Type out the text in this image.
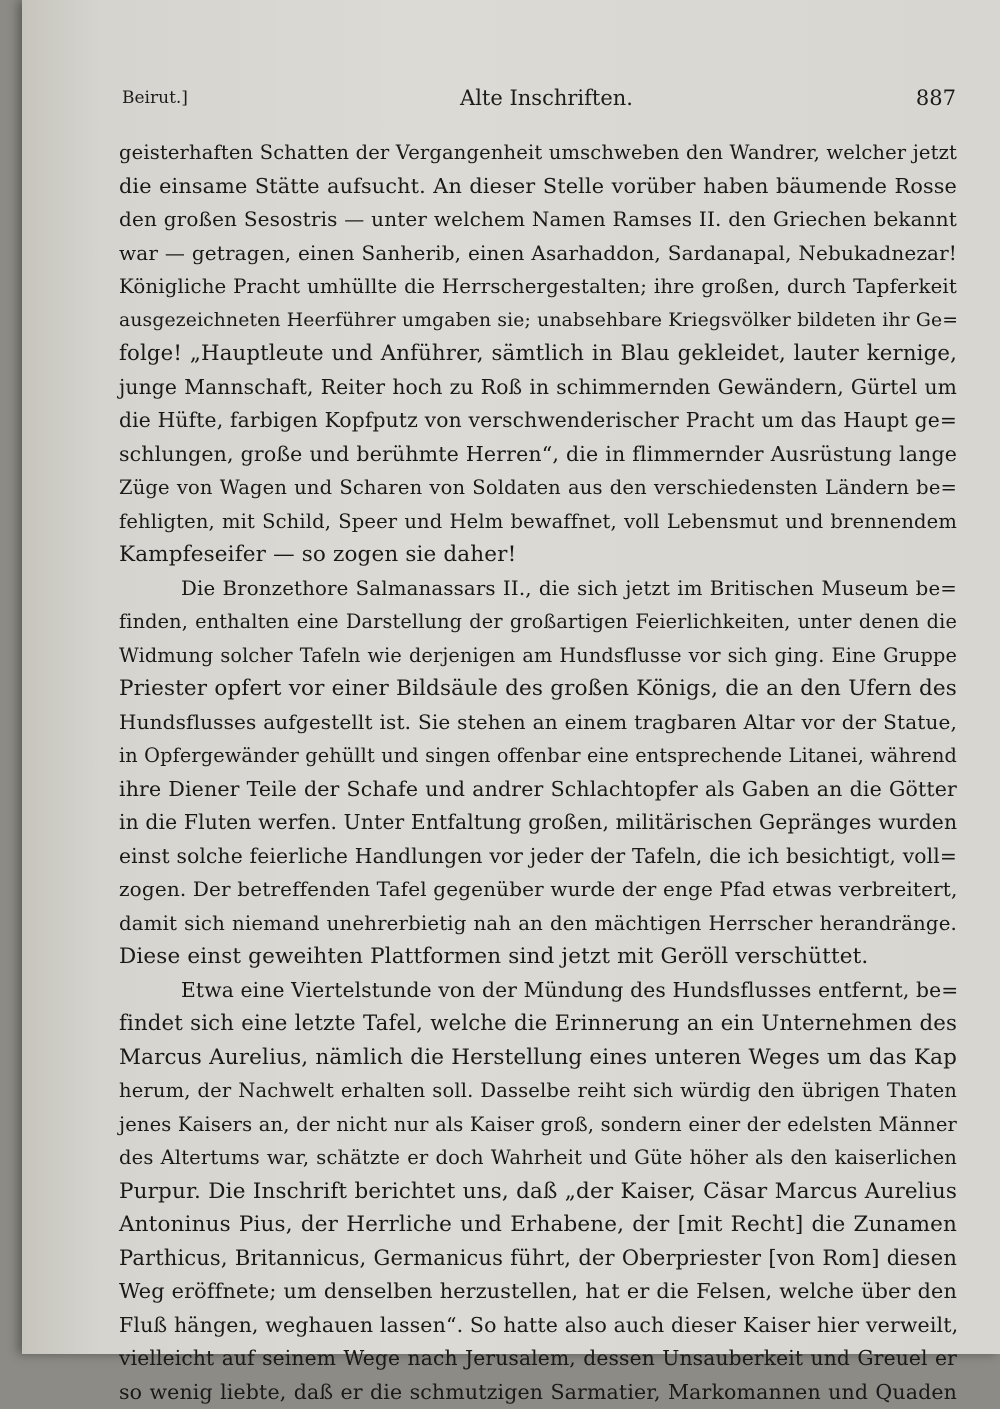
Beirut.]	Alte Inschriften.	887
geisterhaften Schatten der Vergangenheit umschweben den Wandrer, welcher jetzt
die einsame Stätte aufsucht. An dieser Stelle vorüber haben bäumende Rosse
den großen Sesostris — unter welchem Namen Ramses II. den Griechen bekannt
war — getragen, einen Sanherib, einen Asarhaddon, Sardanapal, Nebukadnezar!
Königliche Pracht umhüllte die Herrschergestalten; ihre großen, durch Tapferkeit
ausgezeichneten Heerführer umgaben sie; unabsehbare Kriegsvölker bildeten ihr Ge=
folge! „Hauptleute und Anführer, sämtlich in Blau gekleidet, lauter kernige,
junge Mannschaft, Reiter hoch zu Roß in schimmernden Gewändern, Gürtel um
die Hüfte, farbigen Kopfputz von verschwenderischer Pracht um das Haupt ge=
schlungen, große und berühmte Herren“, die in flimmernder Ausrüstung lange
Züge von Wagen und Scharen von Soldaten aus den verschiedensten Ländern be=
fehligten, mit Schild, Speer und Helm bewaffnet, voll Lebensmut und brennendem
Kampfeseifer — so zogen sie daher!
Die Bronzethore Salmanassars II., die sich jetzt im Britischen Museum be=
finden, enthalten eine Darstellung der großartigen Feierlichkeiten, unter denen die
Widmung solcher Tafeln wie derjenigen am Hundsflusse vor sich ging. Eine Gruppe
Priester opfert vor einer Bildsäule des großen Königs, die an den Ufern des
Hundsflusses aufgestellt ist. Sie stehen an einem tragbaren Altar vor der Statue,
in Opfergewänder gehüllt und singen offenbar eine entsprechende Litanei, während
ihre Diener Teile der Schafe und andrer Schlachtopfer als Gaben an die Götter
in die Fluten werfen. Unter Entfaltung großen, militärischen Gepränges wurden
einst solche feierliche Handlungen vor jeder der Tafeln, die ich besichtigt, voll=
zogen. Der betreffenden Tafel gegenüber wurde der enge Pfad etwas verbreitert,
damit sich niemand unehrerbietig nah an den mächtigen Herrscher herandränge.
Diese einst geweihten Plattformen sind jetzt mit Geröll verschüttet.
Etwa eine Viertelstunde von der Mündung des Hundsflusses entfernt, be=
findet sich eine letzte Tafel, welche die Erinnerung an ein Unternehmen des
Marcus Aurelius, nämlich die Herstellung eines unteren Weges um das Kap
herum, der Nachwelt erhalten soll. Dasselbe reiht sich würdig den übrigen Thaten
jenes Kaisers an, der nicht nur als Kaiser groß, sondern einer der edelsten Männer
des Altertums war, schätzte er doch Wahrheit und Güte höher als den kaiserlichen
Purpur. Die Inschrift berichtet uns, daß „der Kaiser, Cäsar Marcus Aurelius
Antoninus Pius, der Herrliche und Erhabene, der [mit Recht] die Zunamen
Parthicus, Britannicus, Germanicus führt, der Oberpriester [von Rom] diesen
Weg eröffnete; um denselben herzustellen, hat er die Felsen, welche über den
Fluß hängen, weghauen lassen“. So hatte also auch dieser Kaiser hier verweilt,
vielleicht auf seinem Wege nach Jerusalem, dessen Unsauberkeit und Greuel er
so wenig liebte, daß er die schmutzigen Sarmatier, Markomannen und Quaden
